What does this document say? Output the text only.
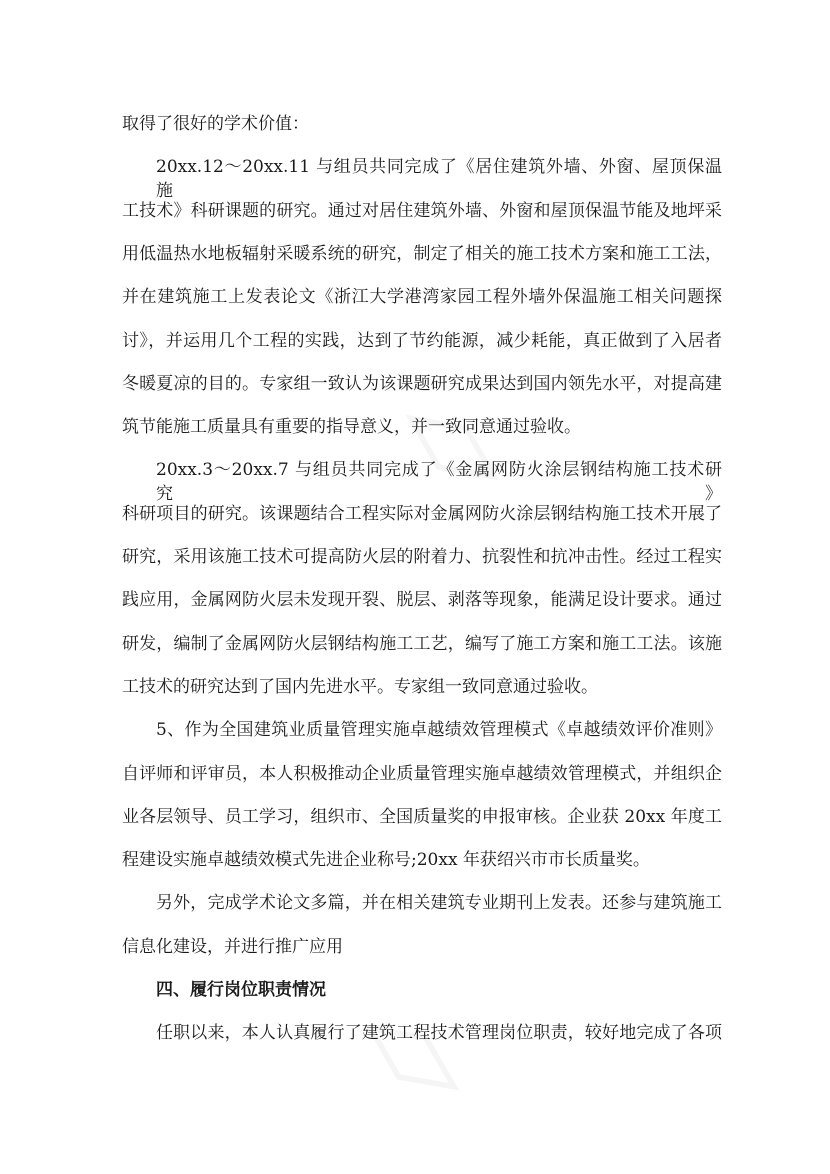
取得了很好的学术价值：
20xx.12～20xx.11 与组员共同完成了《居住建筑外墙、外窗、屋顶保温施
工技术》科研课题的研究。通过对居住建筑外墙、外窗和屋顶保温节能及地坪采
用低温热水地板辐射采暖系统的研究，制定了相关的施工技术方案和施工工法，
并在建筑施工上发表论文《浙江大学港湾家园工程外墙外保温施工相关问题探
讨》，并运用几个工程的实践，达到了节约能源，减少耗能，真正做到了入居者
冬暖夏凉的目的。专家组一致认为该课题研究成果达到国内领先水平，对提高建
筑节能施工质量具有重要的指导意义，并一致同意通过验收。
20xx.3～20xx.7 与组员共同完成了《金属网防火涂层钢结构施工技术研究》
科研项目的研究。该课题结合工程实际对金属网防火涂层钢结构施工技术开展了
研究，采用该施工技术可提高防火层的附着力、抗裂性和抗冲击性。经过工程实
践应用，金属网防火层未发现开裂、脱层、剥落等现象，能满足设计要求。通过
研发，编制了金属网防火层钢结构施工工艺，编写了施工方案和施工工法。该施
工技术的研究达到了国内先进水平。专家组一致同意通过验收。
5、作为全国建筑业质量管理实施卓越绩效管理模式《卓越绩效评价准则》
自评师和评审员，本人积极推动企业质量管理实施卓越绩效管理模式，并组织企
业各层领导、员工学习，组织市、全国质量奖的申报审核。企业获 20xx 年度工
程建设实施卓越绩效模式先进企业称号;20xx 年获绍兴市市长质量奖。
另外，完成学术论文多篇，并在相关建筑专业期刊上发表。还参与建筑施工
信息化建设，并进行推广应用
四、履行岗位职责情况
任职以来，本人认真履行了建筑工程技术管理岗位职责，较好地完成了各项
